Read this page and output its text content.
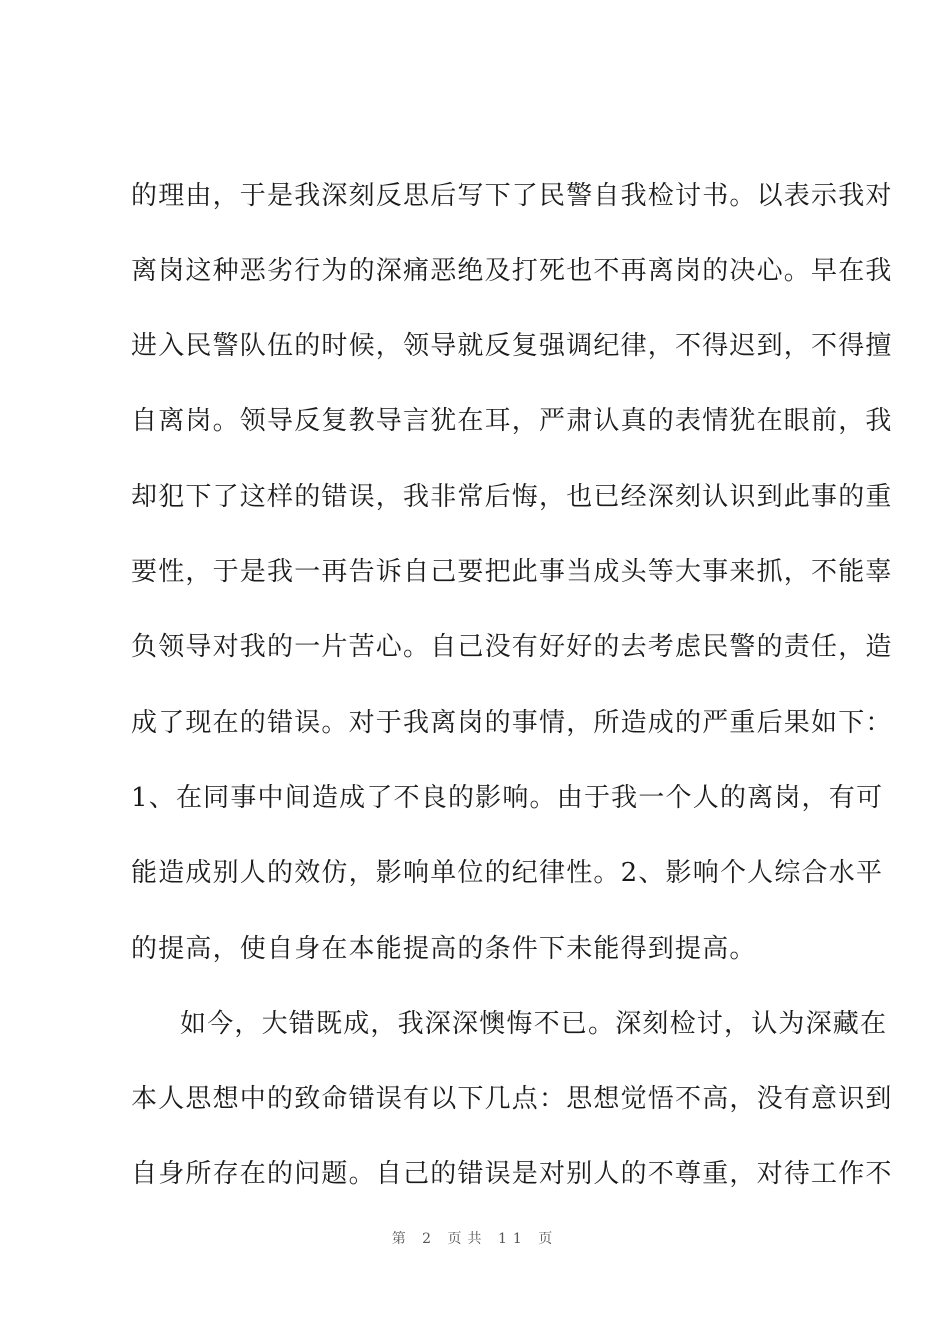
的理由，于是我深刻反思后写下了民警自我检讨书。以表示我对
离岗这种恶劣行为的深痛恶绝及打死也不再离岗的决心。早在我
进入民警队伍的时候，领导就反复强调纪律，不得迟到，不得擅
自离岗。领导反复教导言犹在耳，严肃认真的表情犹在眼前，我
却犯下了这样的错误，我非常后悔，也已经深刻认识到此事的重
要性，于是我一再告诉自己要把此事当成头等大事来抓，不能辜
负领导对我的一片苦心。自己没有好好的去考虑民警的责任，造
成了现在的错误。对于我离岗的事情，所造成的严重后果如下：
1、在同事中间造成了不良的影响。由于我一个人的离岗，有可
能造成别人的效仿，影响单位的纪律性。2、影响个人综合水平
的提高，使自身在本能提高的条件下未能得到提高。
如今，大错既成，我深深懊悔不已。深刻检讨，认为深藏在
本人思想中的致命错误有以下几点：思想觉悟不高，没有意识到
自身所存在的问题。自己的错误是对别人的不尊重，对待工作不
第 2 页共 11 页
